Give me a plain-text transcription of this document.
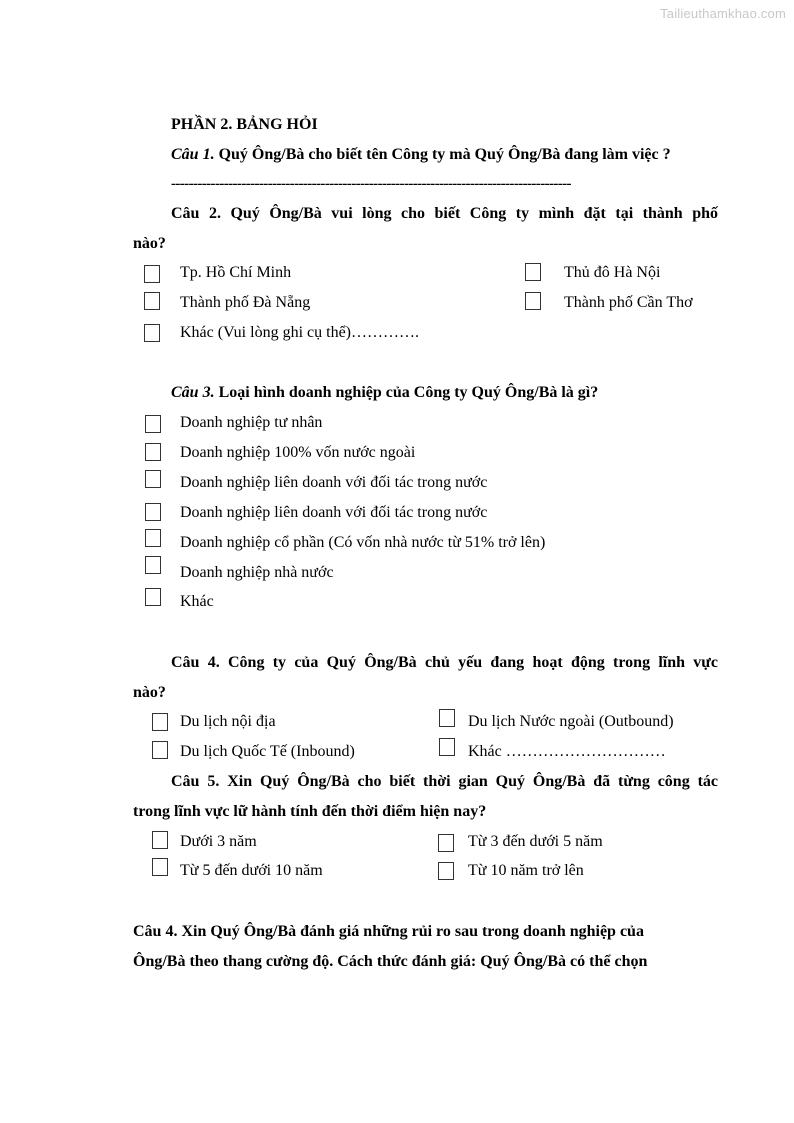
Tailieuthamkhao.com
PHẦN 2. BẢNG HỎI
Câu 1. Quý Ông/Bà cho biết tên Công ty mà Quý Ông/Bà đang làm việc ?
-------------------------------------------------------------------------------------------
Câu 2. Quý Ông/Bà vui lòng cho biết Công ty mình đặt tại thành phố
nào?
Tp. Hồ Chí Minh	Thủ đô Hà Nội
Thành phố Đà Nẵng	Thành phố Cần Thơ
Khác (Vui lòng ghi cụ thể)………….
Câu 3. Loại hình doanh nghiệp của Công ty Quý Ông/Bà là gì?
Doanh nghiệp tư nhân
Doanh nghiệp 100% vốn nước ngoài
Doanh nghiệp liên doanh với đối tác trong nước
Doanh nghiệp liên doanh với đối tác trong nước
Doanh nghiệp cổ phần (Có vốn nhà nước từ 51% trở lên)
Doanh nghiệp nhà nước
Khác
Câu 4. Công ty của Quý Ông/Bà chủ yếu đang hoạt động trong lĩnh vực
nào?
Du lịch nội địa	Du lịch Nước ngoài (Outbound)
Du lịch Quốc Tế (Inbound)	Khác …………………………
Câu 5. Xin Quý Ông/Bà cho biết thời gian Quý Ông/Bà đã từng công tác
trong lĩnh vực lữ hành tính đến thời điểm hiện nay?
Dưới 3 năm	Từ 3 đến dưới 5 năm
Từ 5 đến dưới 10 năm	Từ 10 năm trở lên
Câu 4. Xin Quý Ông/Bà đánh giá những rủi ro sau trong doanh nghiệp của
Ông/Bà theo thang cường độ. Cách thức đánh giá: Quý Ông/Bà có thể chọn
